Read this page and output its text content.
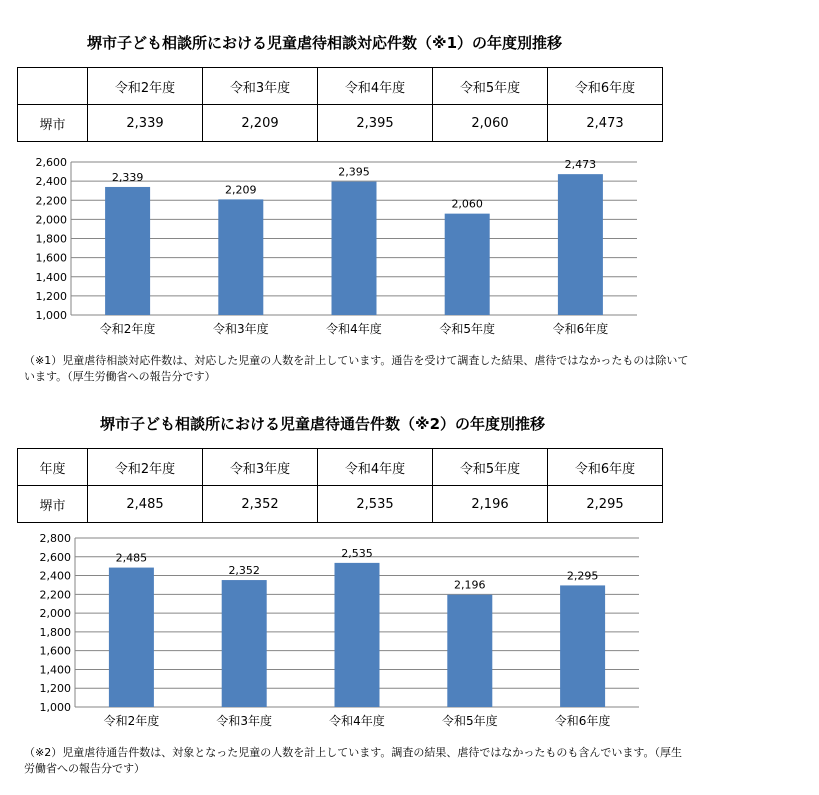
堺市子ども相談所における児童虐待相談対応件数（※1）の年度別推移
	令和2年度	令和3年度	令和4年度	令和5年度	令和6年度
堺市	2,339	2,209	2,395	2,060	2,473
1,000
1,200
1,400
1,600
1,800
2,000
2,200
2,400
2,600
2,339
令和2年度
2,209
令和3年度
2,395
令和4年度
2,060
令和5年度
2,473
令和6年度
（※1）児童虐待相談対応件数は、対応した児童の人数を計上しています。通告を受けて調査した結果、虐待ではなかったものは除いています。（厚生労働省への報告分です）
堺市子ども相談所における児童虐待通告件数（※2）の年度別推移
年度	令和2年度	令和3年度	令和4年度	令和5年度	令和6年度
堺市	2,485	2,352	2,535	2,196	2,295
1,000
1,200
1,400
1,600
1,800
2,000
2,200
2,400
2,600
2,800
2,485
令和2年度
2,352
令和3年度
2,535
令和4年度
2,196
令和5年度
2,295
令和6年度
（※2）児童虐待通告件数は、対象となった児童の人数を計上しています。調査の結果、虐待ではなかったものも含んでいます。（厚生労働省への報告分です）
